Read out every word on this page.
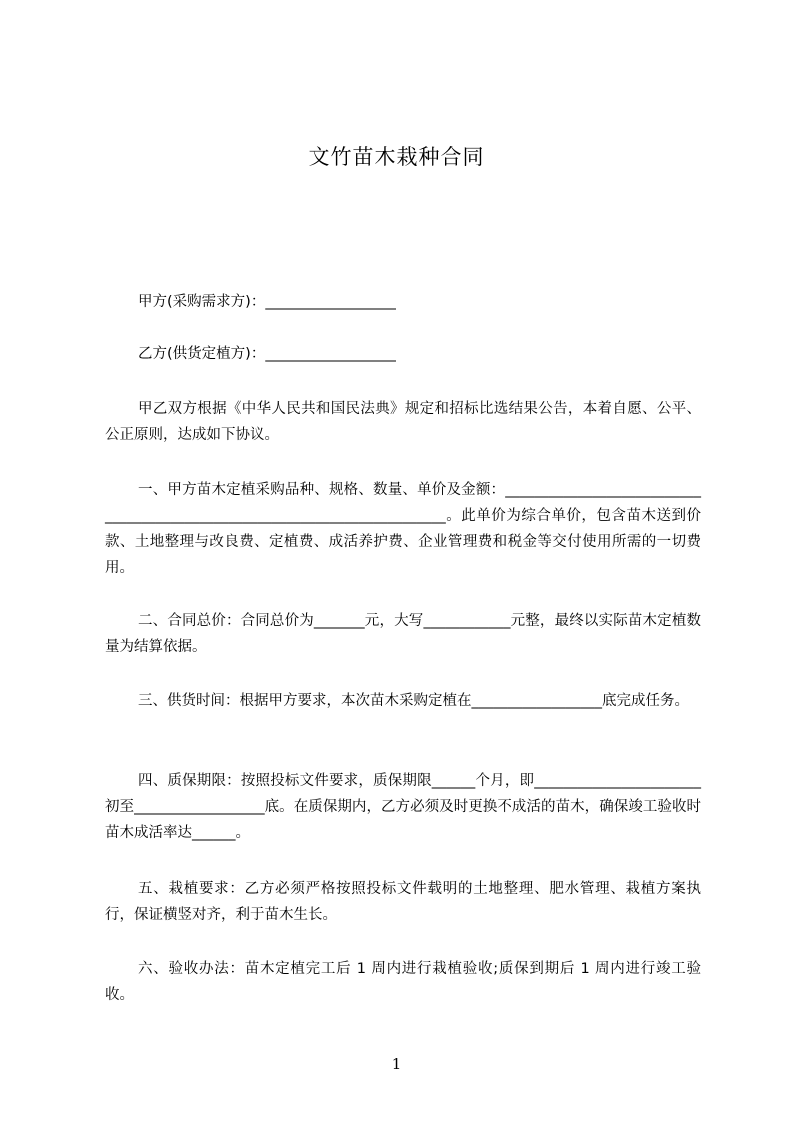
文竹苗木栽种合同
甲方(采购需求方)：__________________
乙方(供货定植方)：__________________
甲乙双方根据《中华人民共和国民法典》规定和招标比选结果公告，本着自愿、公平、公正原则，达成如下协议。
一、甲方苗木定植采购品种、规格、数量、单价及金额：__________________________________________________________________________。此单价为综合单价，包含苗木送到价款、土地整理与改良费、定植费、成活养护费、企业管理费和税金等交付使用所需的一切费用。
二、合同总价：合同总价为_______元，大写____________元整，最终以实际苗木定植数量为结算依据。
三、供货时间：根据甲方要求，本次苗木采购定植在__________________底完成任务。
四、质保期限：按照投标文件要求，质保期限______个月，即_______________________初至__________________底。在质保期内，乙方必须及时更换不成活的苗木，确保竣工验收时苗木成活率达______。
五、栽植要求：乙方必须严格按照投标文件载明的土地整理、肥水管理、栽植方案执行，保证横竖对齐，利于苗木生长。
六、验收办法：苗木定植完工后 1 周内进行栽植验收;质保到期后 1 周内进行竣工验收。
1
